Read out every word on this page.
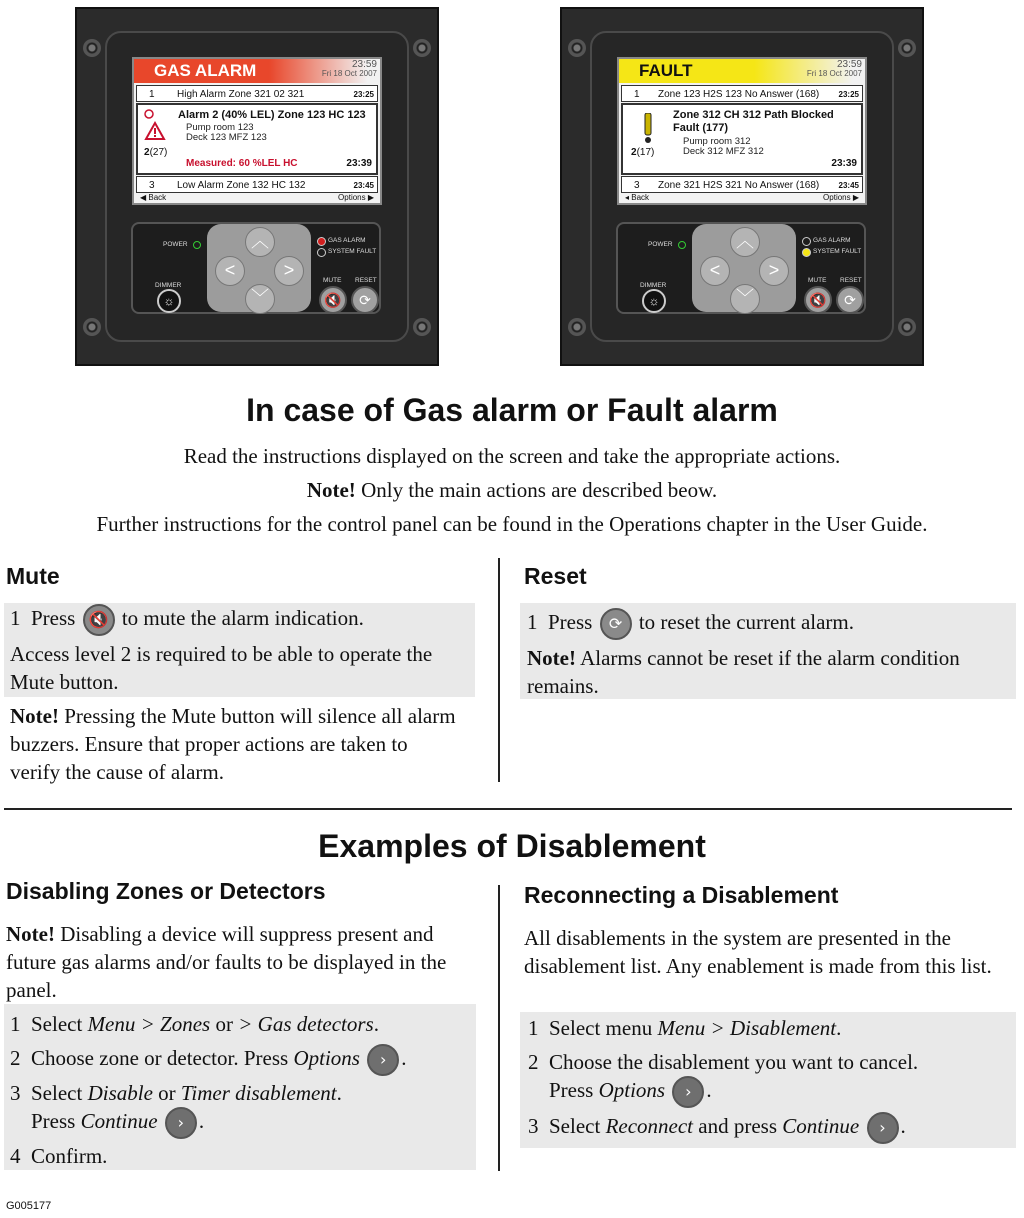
GAS ALARM	23:59
Fri 18 Oct 2007
1 High Alarm Zone 321 02 321	23:25
2(27)
Alarm 2 (40% LEL) Zone 123 HC 123
Pump room 123
Deck 123 MFZ 123
Measured: 60 %LEL HC	23:39
3 Low Alarm Zone 132 HC 132	23:45
◀ Back	Options ▶
POWER
DIMMER
☼
︿
<	>
﹀
GAS ALARM
SYSTEM FAULT
MUTE RESET
🔇	⟳
FAULT	23:59
Fri 18 Oct 2007
1 Zone 123 H2S 123 No Answer (168) 23:25
2(17)
Zone 312 CH 312 Path Blocked
Fault (177)
Pump room 312
Deck 312 MFZ 312
23:39
3 Zone 321 H2S 321 No Answer (168) 23:45
◂ Back	Options ▶
POWER
DIMMER
☼
︿
<	>
﹀
GAS ALARM
SYSTEM FAULT
MUTE RESET
🔇	⟳
In case of Gas alarm or Fault alarm
Read the instructions displayed on the screen and take the appropriate actions.
Note! Only the main actions are described beow.
Further instructions for the control panel can be found in the Operations chapter in the User Guide.
Mute
1 Press 🔇 to mute the alarm indication.
Access level 2 is required to be able to operate the Mute button.
Note! Pressing the Mute button will silence all alarm buzzers. Ensure that proper actions are taken to verify the cause of alarm.
Reset
1 Press ⟳ to reset the current alarm.
Note! Alarms cannot be reset if the alarm condition remains.
Examples of Disablement
Disabling Zones or Detectors
Note! Disabling a device will suppress present and future gas alarms and/or faults to be displayed in the panel.
1 Select Menu > Zones or > Gas detectors.
2 Choose zone or detector. Press Options › .
3 Select Disable or Timer disablement.
Press Continue › .
4 Confirm.
Reconnecting a Disablement
All disablements in the system are presented in the disablement list. Any enablement is made from this list.
1 Select menu Menu > Disablement.
2 Choose the disablement you want to cancel.
Press Options › .
3 Select Reconnect and press Continue › .
G005177
